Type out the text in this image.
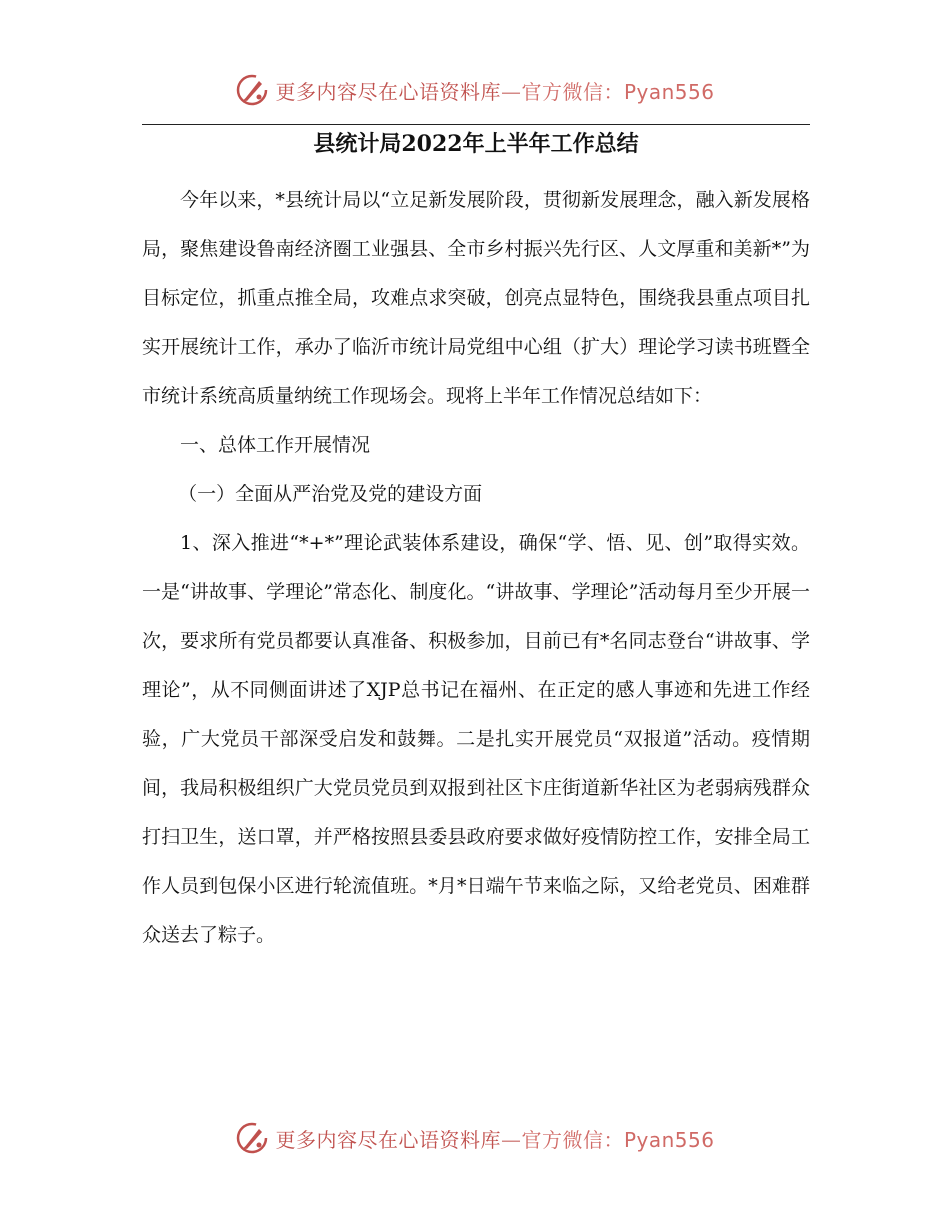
更多内容尽在心语资料库—官方微信：Pyan556
县统计局2022年上半年工作总结

今年以来，*县统计局以“立足新发展阶段，贯彻新发展理念，融入新发展格局，聚焦建设鲁南经济圈工业强县、全市乡村振兴先行区、人文厚重和美新*”为目标定位，抓重点推全局，攻难点求突破，创亮点显特色，围绕我县重点项目扎实开展统计工作，承办了临沂市统计局党组中心组（扩大）理论学习读书班暨全市统计系统高质量纳统工作现场会。现将上半年工作情况总结如下：

一、总体工作开展情况

（一）全面从严治党及党的建设方面

1、深入推进“*+*”理论武装体系建设，确保“学、悟、见、创”取得实效。一是“讲故事、学理论”常态化、制度化。“讲故事、学理论”活动每月至少开展一次，要求所有党员都要认真准备、积极参加，目前已有*名同志登台“讲故事、学理论”，从不同侧面讲述了XJP总书记在福州、在正定的感人事迹和先进工作经验，广大党员干部深受启发和鼓舞。二是扎实开展党员“双报道”活动。疫情期间，我局积极组织广大党员党员到双报到社区卞庄街道新华社区为老弱病残群众打扫卫生，送口罩，并严格按照县委县政府要求做好疫情防控工作，安排全局工作人员到包保小区进行轮流值班。*月*日端午节来临之际，又给老党员、困难群众送去了粽子。

更多内容尽在心语资料库—官方微信：Pyan556
